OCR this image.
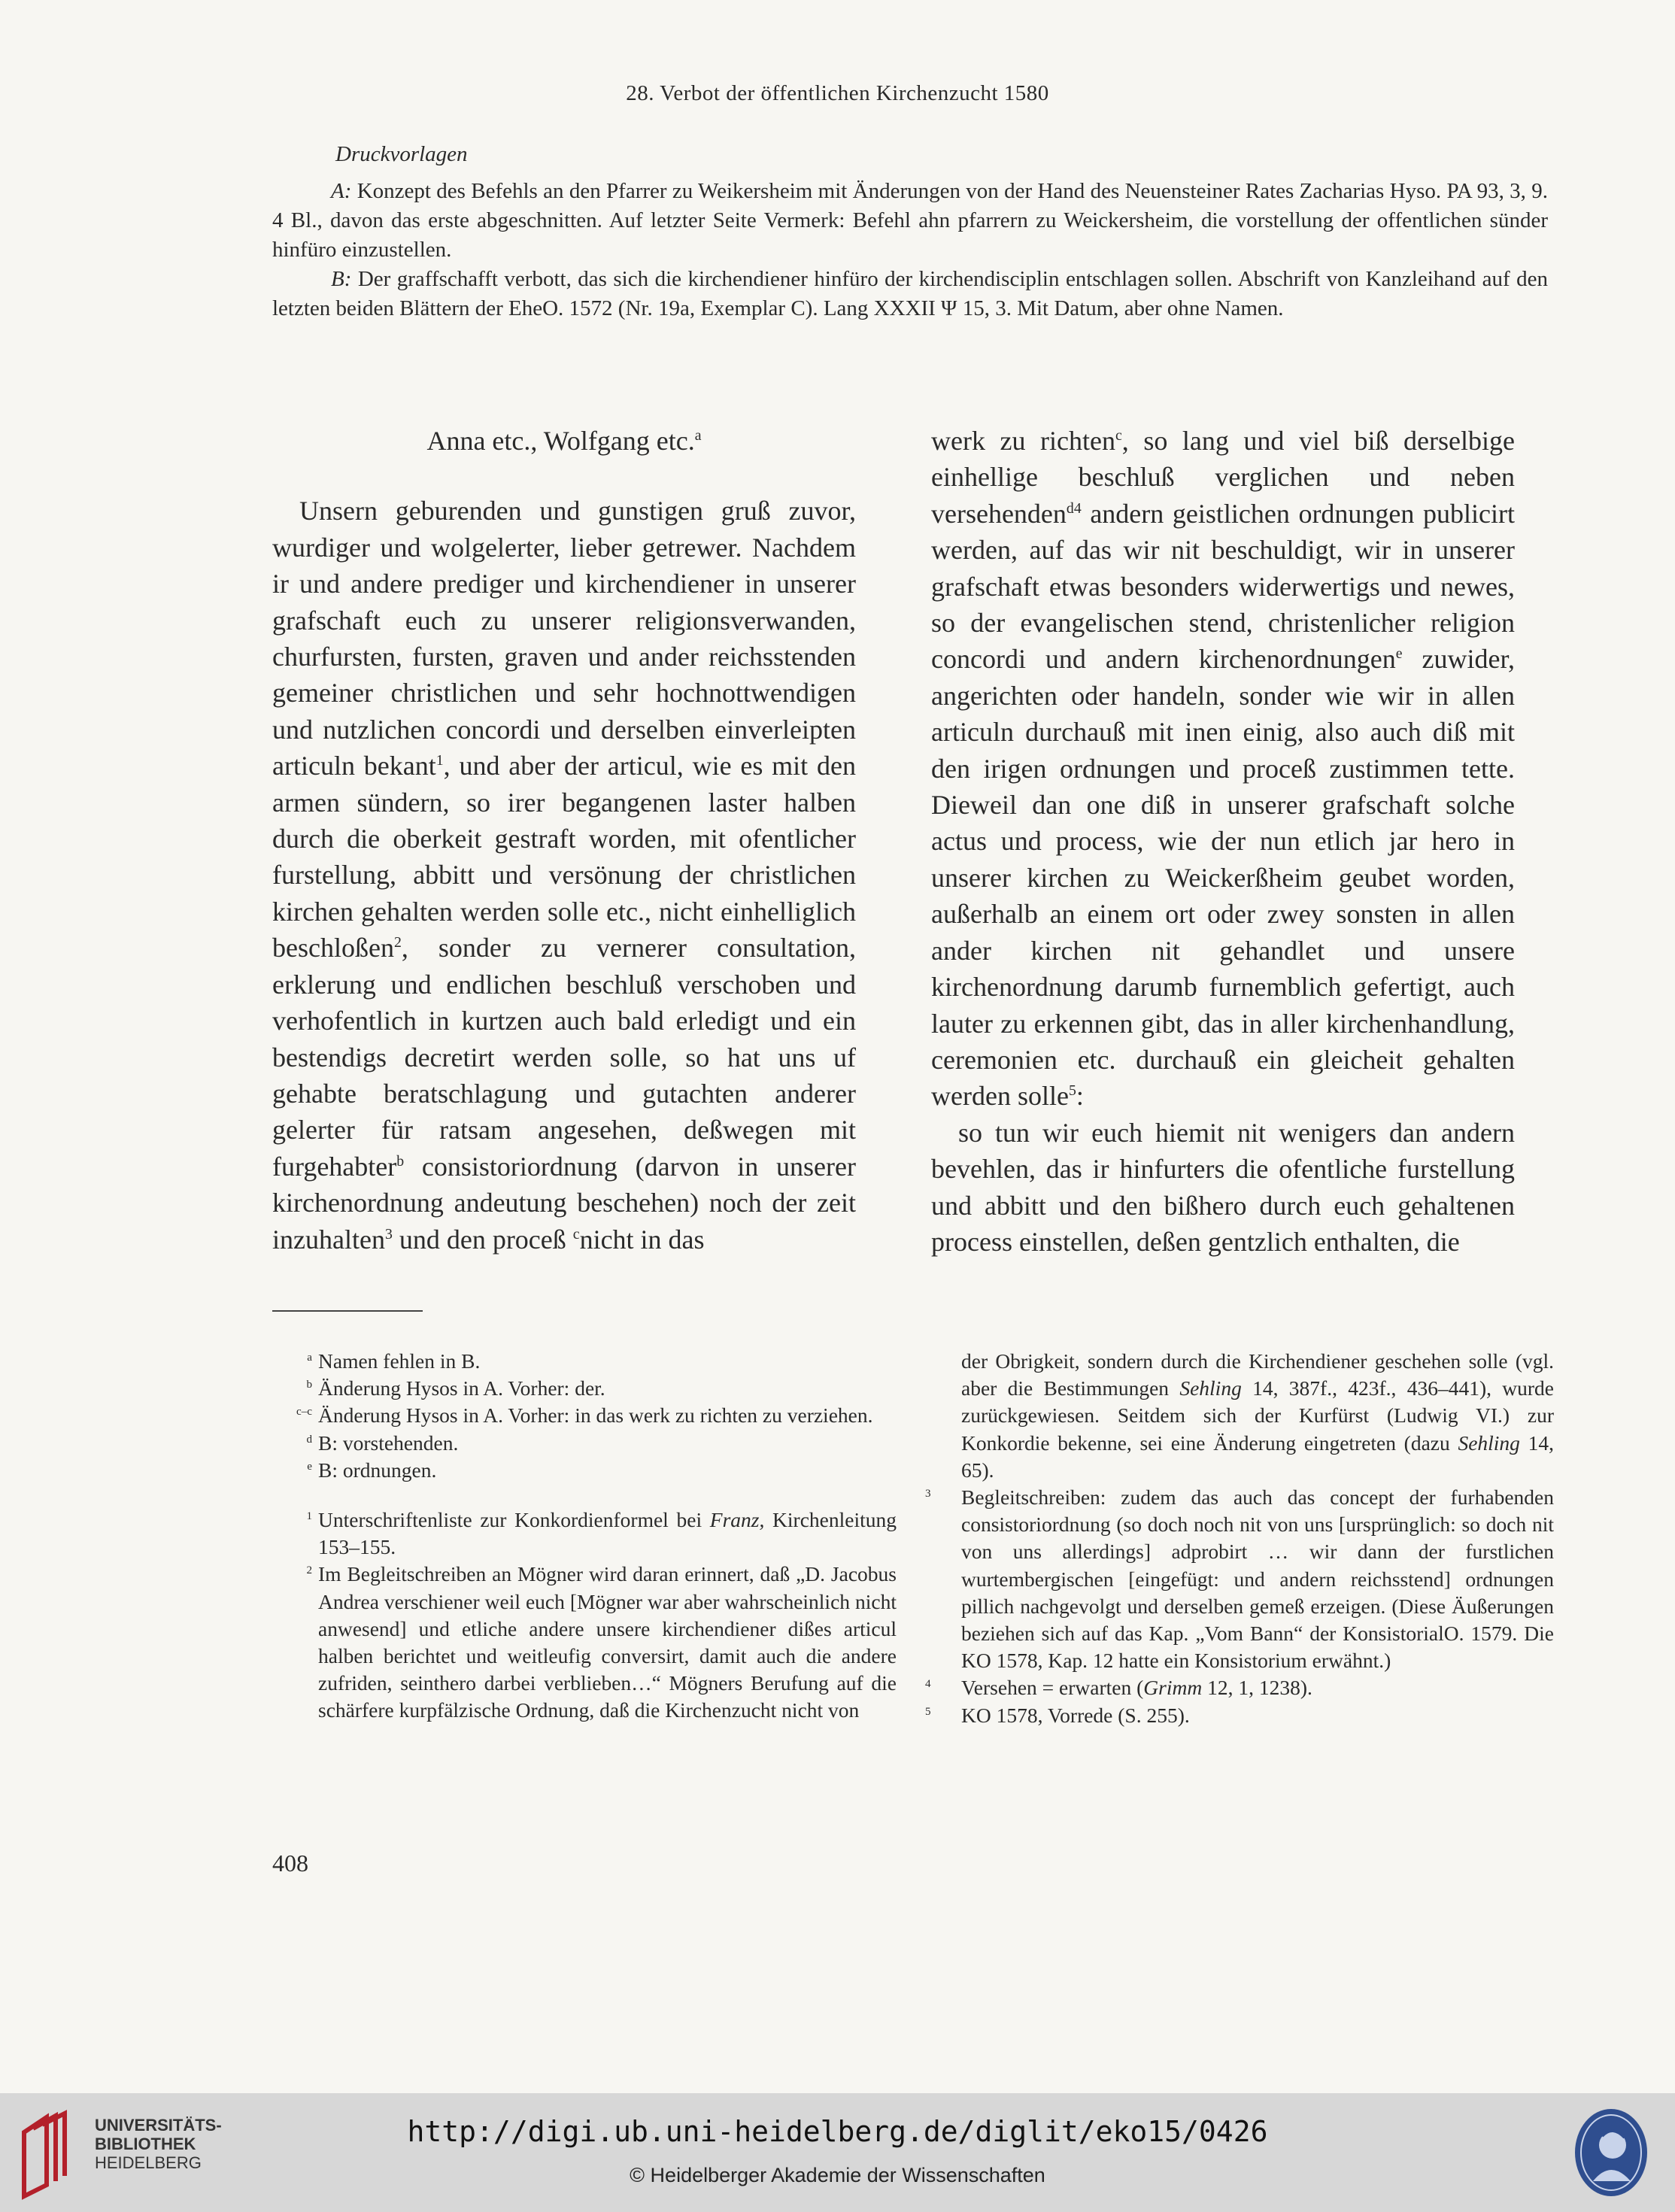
28. Verbot der öffentlichen Kirchenzucht 1580

Druckvorlagen

A: Konzept des Befehls an den Pfarrer zu Weikersheim mit Änderungen von der Hand des Neuensteiner Rates Zacharias Hyso. PA 93, 3, 9. 4 Bl., davon das erste abgeschnitten. Auf letzter Seite Vermerk: Befehl ahn pfarrern zu Weickersheim, die vorstellung der offentlichen sünder hinfüro einzustellen.

B: Der graffschafft verbott, das sich die kirchendiener hinfüro der kirchendisciplin entschlagen sollen. Abschrift von Kanzleihand auf den letzten beiden Blättern der EheO. 1572 (Nr. 19a, Exemplar C). Lang XXXII Ψ 15, 3. Mit Datum, aber ohne Namen.

Anna etc., Wolfgang etc.$^a$

Unsern geburenden und gunstigen gruß zuvor, wurdiger und wolgelerter, lieber getrewer. Nachdem ir und andere prediger und kirchendiener in unserer grafschaft euch zu unserer religionsverwanden, churfursten, fursten, graven und ander reichsstenden gemeiner christlichen und sehr hochnottwendigen und nutzlichen concordi und derselben einverleipten articuln bekant$^1$, und aber der articul, wie es mit den armen sündern, so irer begangenen laster halben durch die oberkeit gestraft worden, mit ofentlicher furstellung, abbitt und versönung der christlichen kirchen gehalten werden solle etc., nicht einhelliglich beschloßen$^2$, sonder zu vernerer consultation, erklerung und endlichen beschluß verschoben und verhofentlich in kurtzen auch bald erledigt und ein bestendigs decretirt werden solle, so hat uns uf gehabte beratschlagung und gutachten anderer gelerter für ratsam angesehen, deßwegen mit furgehabter$^b$ consistoriordnung (darvon in unserer kirchenordnung andeutung beschehen) noch der zeit inzuhalten$^3$ und den proceß $^c$nicht in das

werk zu richten$^c$, so lang und viel biß derselbige einhellige beschluß verglichen und neben versehenden$^{d4}$ andern geistlichen ordnungen publicirt werden, auf das wir nit beschuldigt, wir in unserer grafschaft etwas besonders widerwertigs und newes, so der evangelischen stend, christenlicher religion concordi und andern kirchenordnungen$^e$ zuwider, angerichten oder handeln, sonder wie wir in allen articuln durchauß mit inen einig, also auch diß mit den irigen ordnungen und proceß zustimmen tette. Dieweil dan one diß in unserer grafschaft solche actus und process, wie der nun etlich jar hero in unserer kirchen zu Weickerßheim geubet worden, außerhalb an einem ort oder zwey sonsten in allen ander kirchen nit gehandlet und unsere kirchenordnung darumb furnemblich gefertigt, auch lauter zu erkennen gibt, das in aller kirchenhandlung, ceremonien etc. durchauß ein gleicheit gehalten werden solle$^5$:

so tun wir euch hiemit nit wenigers dan andern bevehlen, das ir hinfurters die ofentliche furstellung und abbitt und den bißhero durch euch gehaltenen process einstellen, deßen gentzlich enthalten, die

$^a$ Namen fehlen in B.
$^b$ Änderung Hysos in A. Vorher: der.
$^{c-c}$ Änderung Hysos in A. Vorher: in das werk zu richten zu verziehen.
$^d$ B: vorstehenden.
$^e$ B: ordnungen.
$^1$ Unterschriftenliste zur Konkordienformel bei Franz, Kirchenleitung 153–155.
$^2$ Im Begleitschreiben an Mögner wird daran erinnert, daß „D. Jacobus Andrea verschiener weil euch [Mögner war aber wahrscheinlich nicht anwesend] und etliche andere unsere kirchendiener dißes articul halben berichtet und weitleufig conversirt, damit auch die andere zufriden, seinthero darbei verblieben…“ Mögners Berufung auf die schärfere kurpfälzische Ordnung, daß die Kirchenzucht nicht von
der Obrigkeit, sondern durch die Kirchendiener geschehen solle (vgl. aber die Bestimmungen Sehling 14, 387f., 423f., 436–441), wurde zurückgewiesen. Seitdem sich der Kurfürst (Ludwig VI.) zur Konkordie bekenne, sei eine Änderung eingetreten (dazu Sehling 14, 65).
$^3$ Begleitschreiben: zudem das auch das concept der furhabenden consistoriordnung (so doch noch nit von uns [ursprünglich: so doch nit von uns allerdings] adprobirt … wir dann der furstlichen wurtembergischen [eingefügt: und andern reichsstend] ordnungen pillich nachgevolgt und derselben gemeß erzeigen. (Diese Äußerungen beziehen sich auf das Kap. „Vom Bann“ der KonsistorialO. 1579. Die KO 1578, Kap. 12 hatte ein Konsistorium erwähnt.)
$^4$ Versehen = erwarten (Grimm 12, 1, 1238).
$^5$ KO 1578, Vorrede (S. 255).
408
UNIVERSITÄTS-
BIBLIOTHEK
HEIDELBERG
http://digi.ub.uni-heidelberg.de/diglit/eko15/0426
© Heidelberger Akademie der Wissenschaften
